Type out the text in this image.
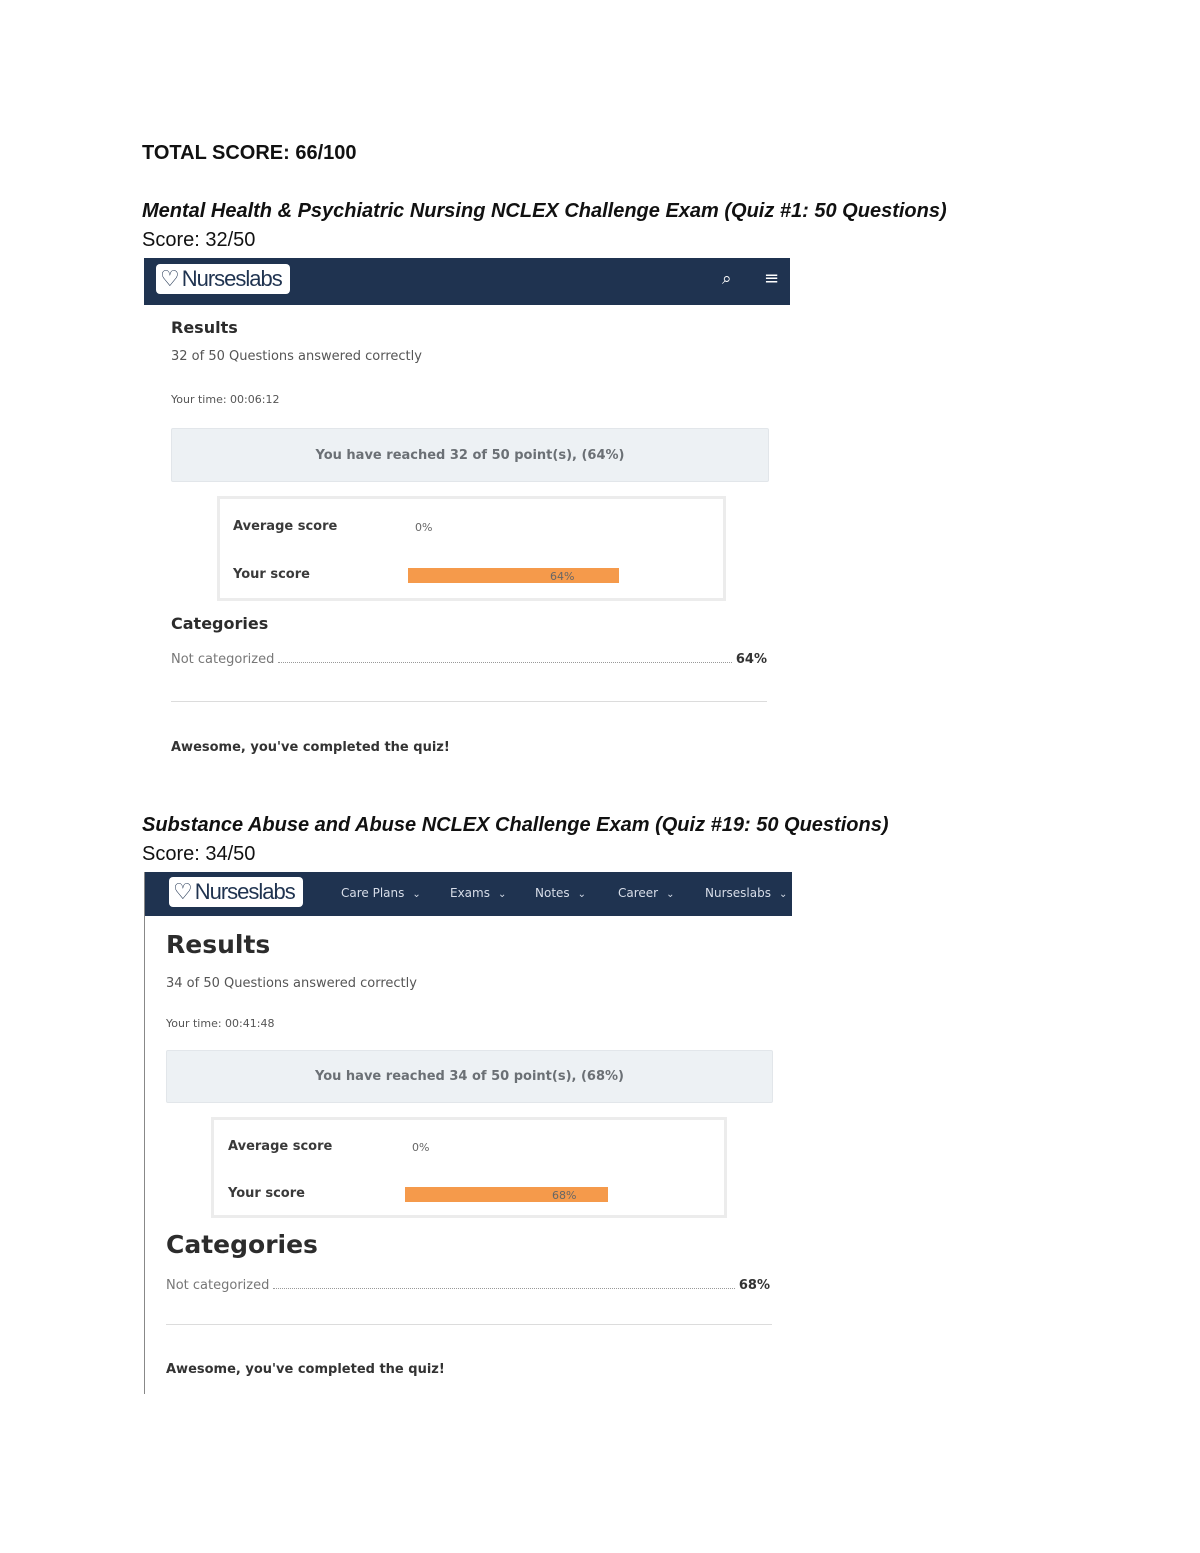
TOTAL SCORE: 66/100
Mental Health & Psychiatric Nursing NCLEX Challenge Exam (Quiz #1: 50 Questions)
Score: 32/50
♡ Nurseslabs	⌕ ≡
Results
32 of 50 Questions answered correctly
Your time: 00:06:12
You have reached 32 of 50 point(s), (64%)
Average score	0%
Your score	64%
Categories
Not categorized	64%
Awesome, you've completed the quiz!
Substance Abuse and Abuse NCLEX Challenge Exam (Quiz #19: 50 Questions)
Score: 34/50
♡ Nurseslabs	Care Plans ⌄ Exams ⌄ Notes ⌄	Career ⌄	Nurseslabs ⌄
Results
34 of 50 Questions answered correctly
Your time: 00:41:48
You have reached 34 of 50 point(s), (68%)
Average score	0%
Your score	68%
Categories
Not categorized	68%
Awesome, you've completed the quiz!
